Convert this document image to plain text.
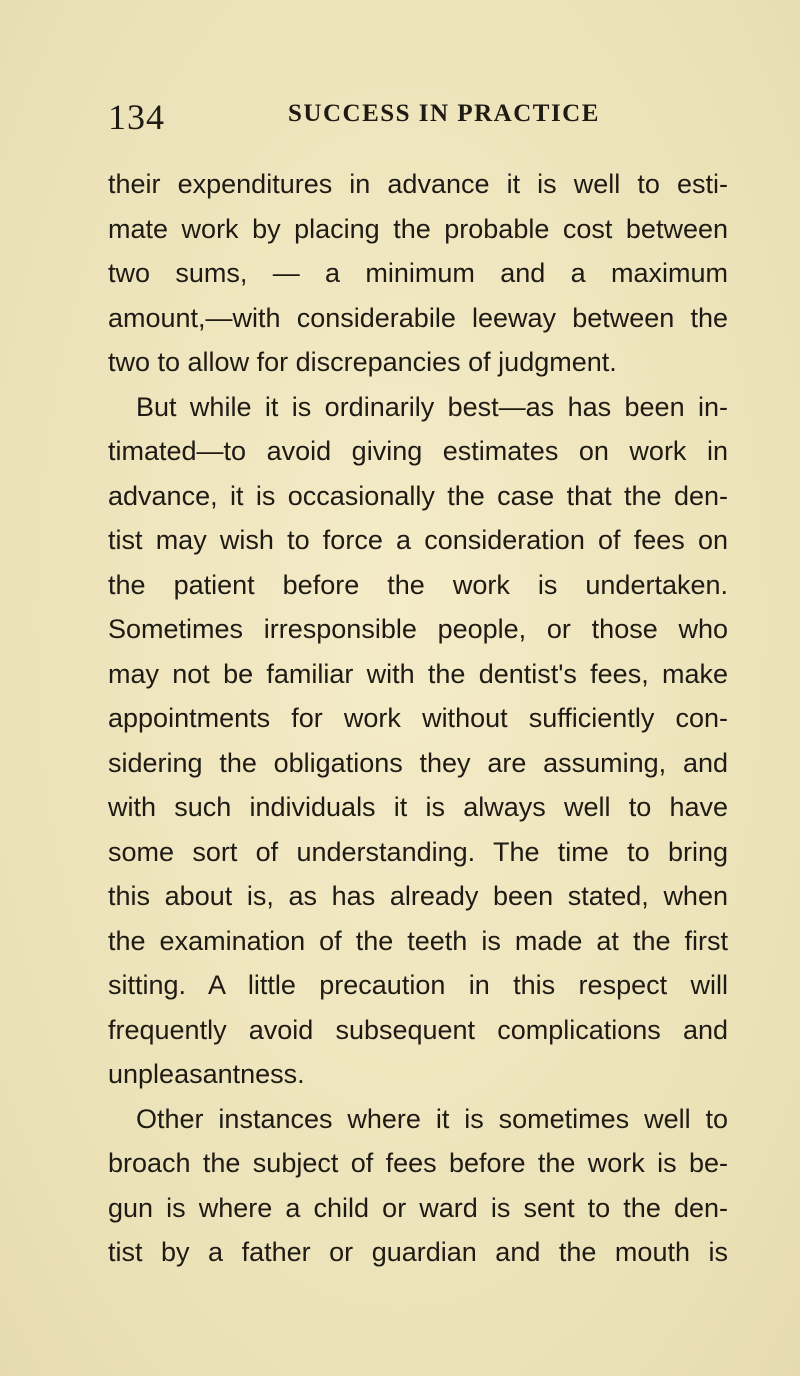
134	SUCCESS IN PRACTICE
their expenditures in advance it is well to esti-
mate work by placing the probable cost between
two sums, — a minimum and a maximum
amount,—with considerabile leeway between the
two to allow for discrepancies of judgment.
But while it is ordinarily best—as has been in-
timated—to avoid giving estimates on work in
advance, it is occasionally the case that the den-
tist may wish to force a consideration of fees on
the patient before the work is undertaken.
Sometimes irresponsible people, or those who
may not be familiar with the dentist's fees, make
appointments for work without sufficiently con-
sidering the obligations they are assuming, and
with such individuals it is always well to have
some sort of understanding. The time to bring
this about is, as has already been stated, when
the examination of the teeth is made at the first
sitting. A little precaution in this respect will
frequently avoid subsequent complications and
unpleasantness.
Other instances where it is sometimes well to
broach the subject of fees before the work is be-
gun is where a child or ward is sent to the den-
tist by a father or guardian and the mouth is
